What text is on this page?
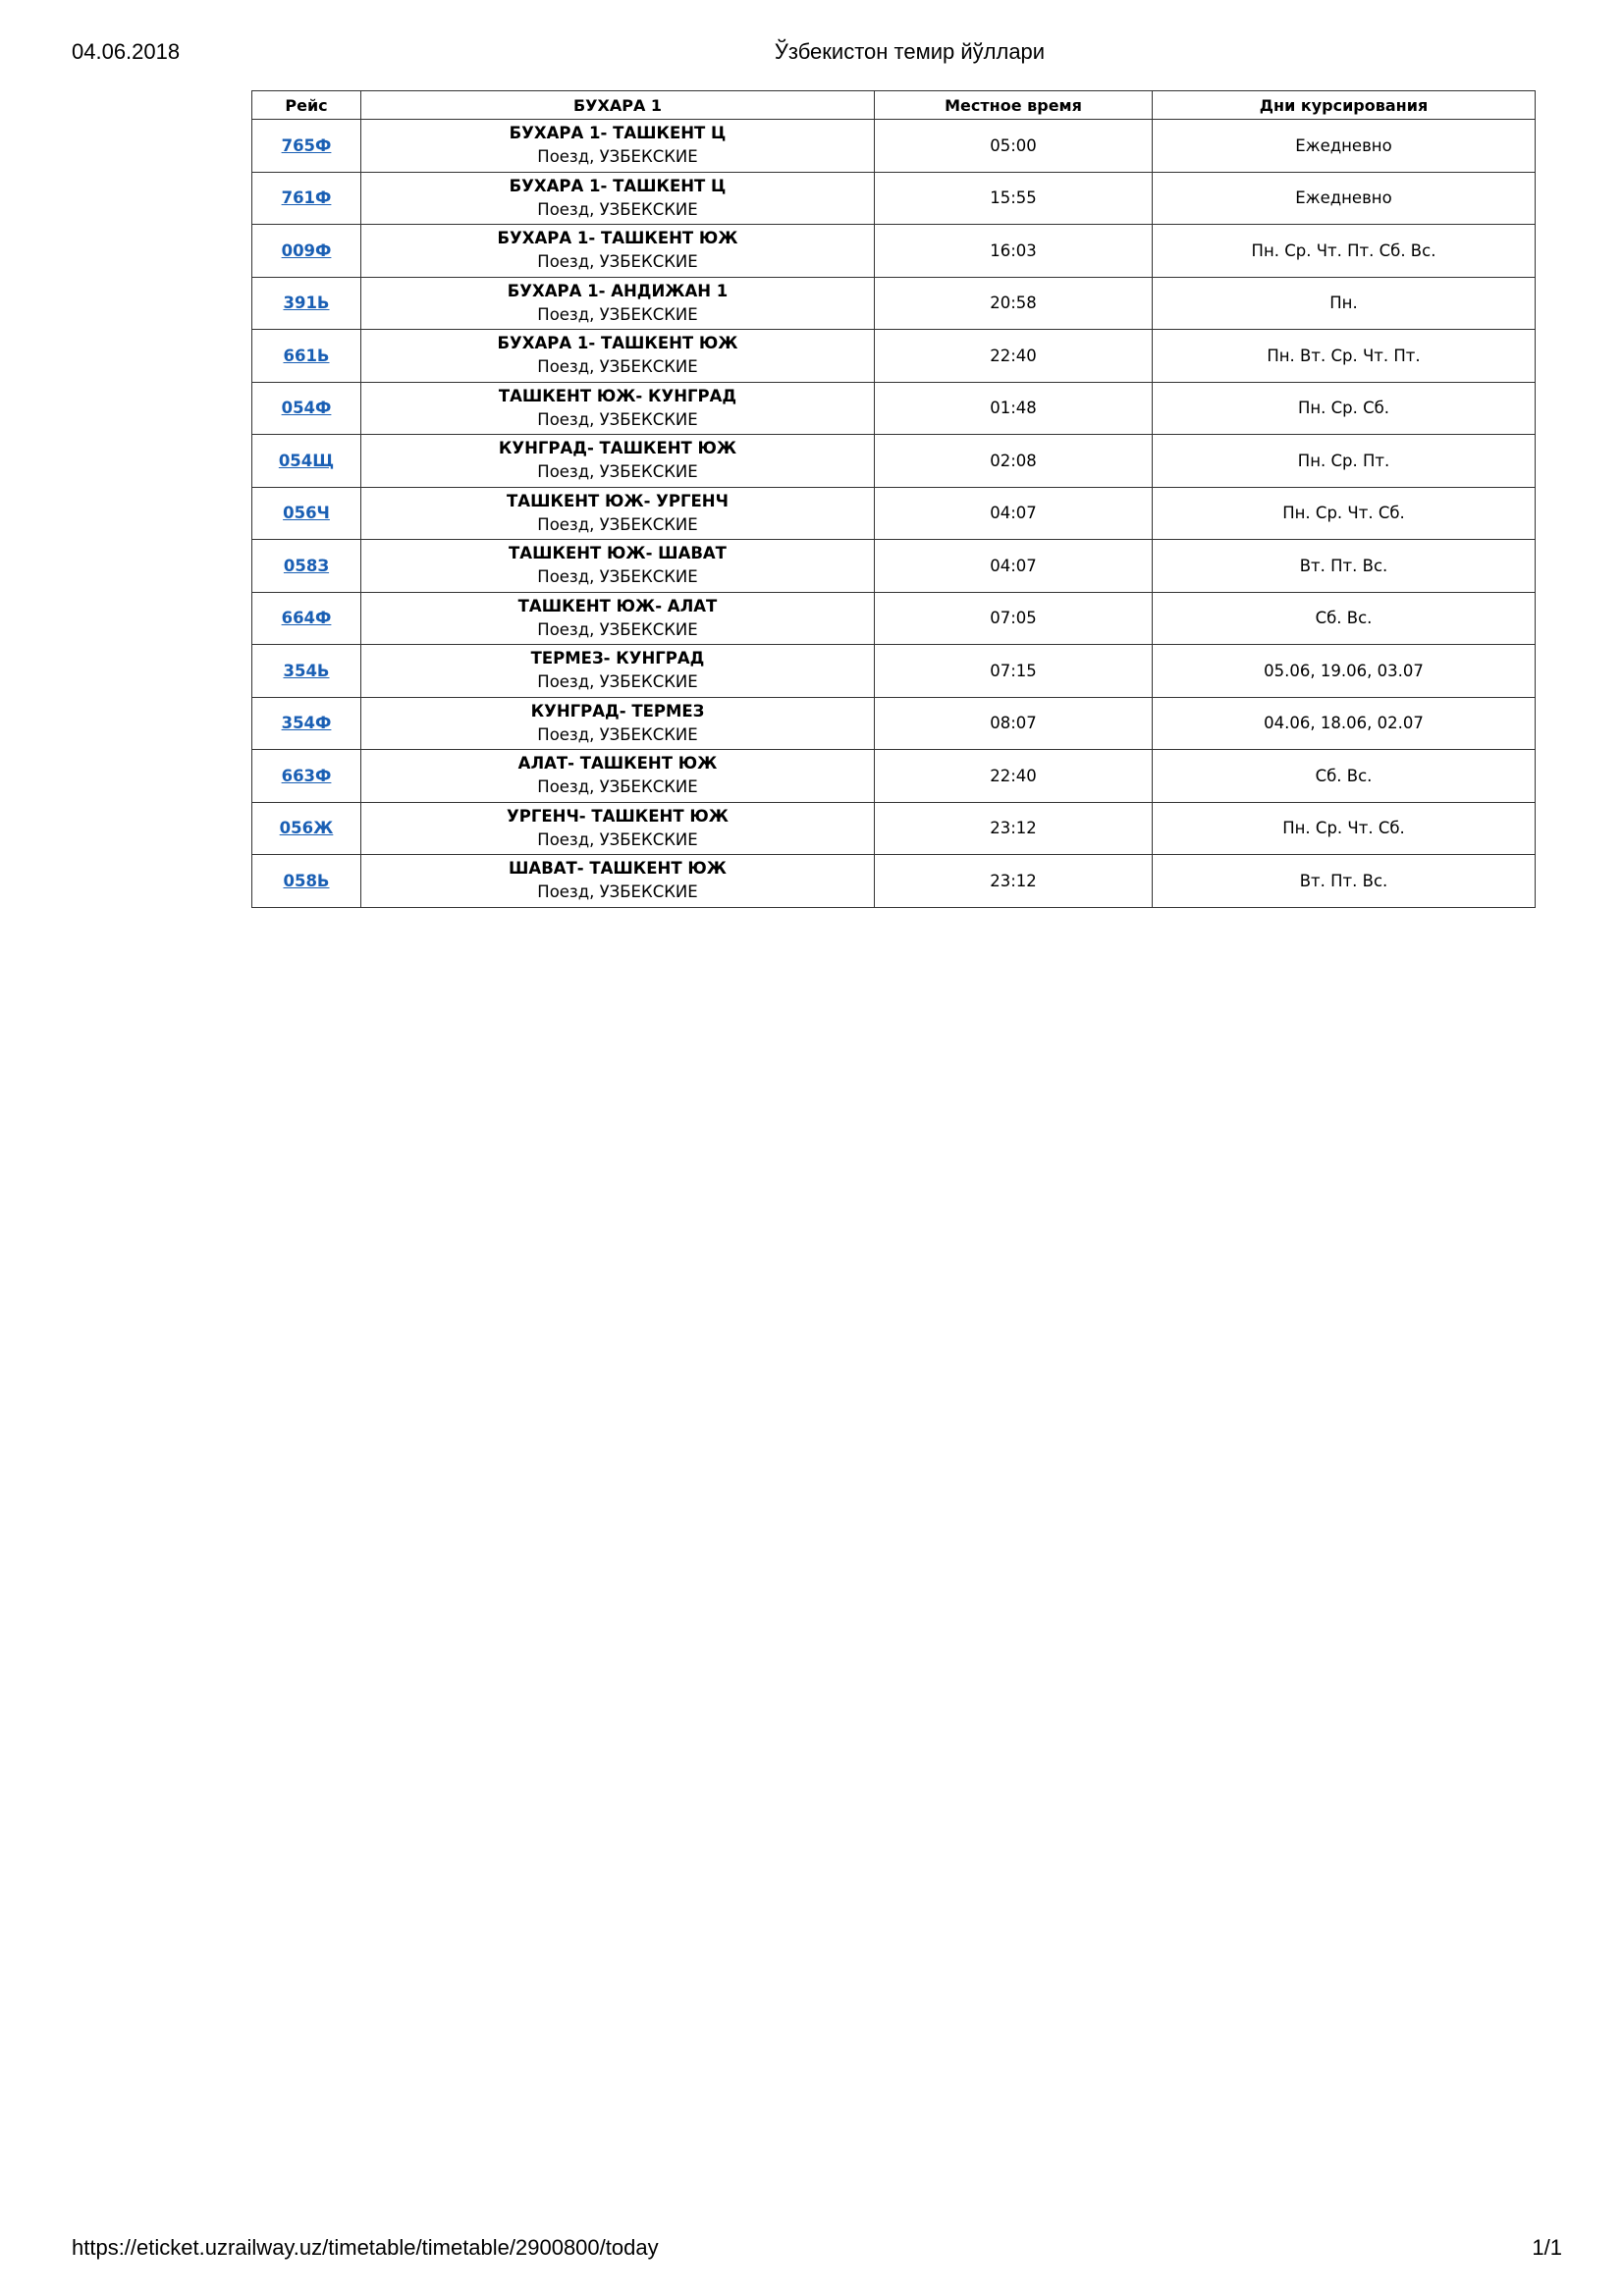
04.06.2018	Ўзбекистон темир йўллари
Рейс	БУХАРА 1	Местное время	Дни курсирования
765Ф	БУХАРА 1- ТАШКЕНТ Ц
Поезд, УЗБЕКСКИЕ	05:00	Ежедневно
761Ф	БУХАРА 1- ТАШКЕНТ Ц
Поезд, УЗБЕКСКИЕ	15:55	Ежедневно
009Ф	БУХАРА 1- ТАШКЕНТ ЮЖ
Поезд, УЗБЕКСКИЕ	16:03	Пн. Ср. Чт. Пт. Сб. Вс.
391Ь	БУХАРА 1- АНДИЖАН 1
Поезд, УЗБЕКСКИЕ	20:58	Пн.
661Ь	БУХАРА 1- ТАШКЕНТ ЮЖ
Поезд, УЗБЕКСКИЕ	22:40	Пн. Вт. Ср. Чт. Пт.
054Ф	ТАШКЕНТ ЮЖ- КУНГРАД
Поезд, УЗБЕКСКИЕ	01:48	Пн. Ср. Сб.
054Щ	КУНГРАД- ТАШКЕНТ ЮЖ
Поезд, УЗБЕКСКИЕ	02:08	Пн. Ср. Пт.
056Ч	ТАШКЕНТ ЮЖ- УРГЕНЧ
Поезд, УЗБЕКСКИЕ	04:07	Пн. Ср. Чт. Сб.
058З	ТАШКЕНТ ЮЖ- ШАВАТ
Поезд, УЗБЕКСКИЕ	04:07	Вт. Пт. Вс.
664Ф	ТАШКЕНТ ЮЖ- АЛАТ
Поезд, УЗБЕКСКИЕ	07:05	Сб. Вс.
354Ь	ТЕРМЕЗ- КУНГРАД
Поезд, УЗБЕКСКИЕ	07:15	05.06, 19.06, 03.07
354Ф	КУНГРАД- ТЕРМЕЗ
Поезд, УЗБЕКСКИЕ	08:07	04.06, 18.06, 02.07
663Ф	АЛАТ- ТАШКЕНТ ЮЖ
Поезд, УЗБЕКСКИЕ	22:40	Сб. Вс.
056Ж	УРГЕНЧ- ТАШКЕНТ ЮЖ
Поезд, УЗБЕКСКИЕ	23:12	Пн. Ср. Чт. Сб.
058Ь	ШАВАТ- ТАШКЕНТ ЮЖ
Поезд, УЗБЕКСКИЕ	23:12	Вт. Пт. Вс.
https://eticket.uzrailway.uz/timetable/timetable/2900800/today	1/1
